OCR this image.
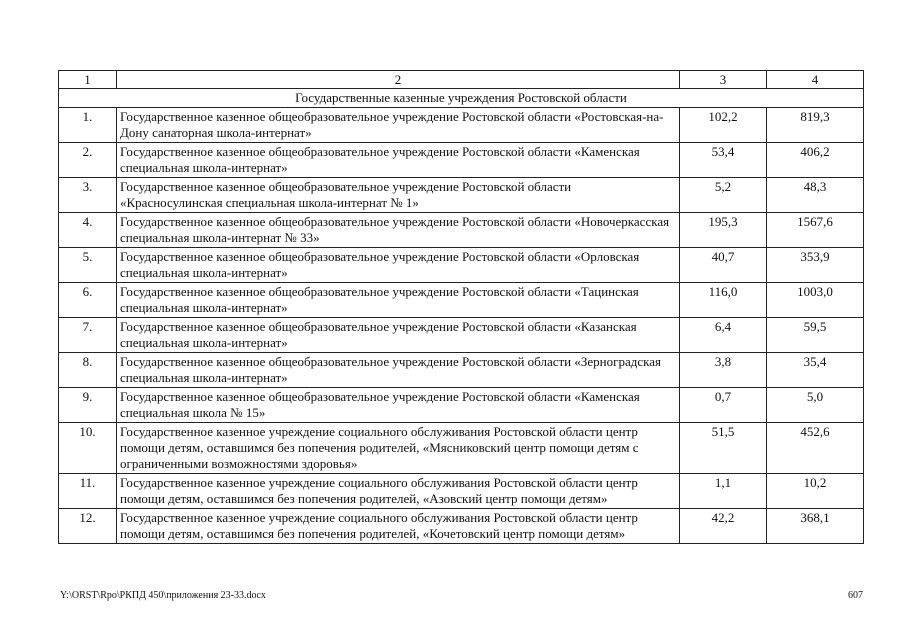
1	2	3	4
Государственные казенные учреждения Ростовской области			
1.	Государственное казенное общеобразовательное учреждение Ростовской области «Ростовская-на-Дону санаторная школа-интернат»	102,2	819,3
2.	Государственное казенное общеобразовательное учреждение Ростовской области «Каменская специальная школа-интернат»	53,4	406,2
3.	Государственное казенное общеобразовательное учреждение Ростовской области «Красносулинская специальная школа-интернат № 1»	5,2	48,3
4.	Государственное казенное общеобразовательное учреждение Ростовской области «Новочеркасская специальная школа-интернат № 33»	195,3	1567,6
5.	Государственное казенное общеобразовательное учреждение Ростовской области «Орловская специальная школа-интернат»	40,7	353,9
6.	Государственное казенное общеобразовательное учреждение Ростовской области «Тацинская специальная школа-интернат»	116,0	1003,0
7.	Государственное казенное общеобразовательное учреждение Ростовской области «Казанская специальная школа-интернат»	6,4	59,5
8.	Государственное казенное общеобразовательное учреждение Ростовской области «Зерноградская специальная школа-интернат»	3,8	35,4
9.	Государственное казенное общеобразовательное учреждение Ростовской области «Каменская специальная школа № 15»	0,7	5,0
10.	Государственное казенное учреждение социального обслуживания Ростовской области центр помощи детям, оставшимся без попечения родителей, «Мясниковский центр помощи детям с ограниченными возможностями здоровья»	51,5	452,6
11.	Государственное казенное учреждение социального обслуживания Ростовской области центр помощи детям, оставшимся без попечения родителей, «Азовский центр помощи детям»	1,1	10,2
12.	Государственное казенное учреждение социального обслуживания Ростовской области центр помощи детям, оставшимся без попечения родителей, «Кочетовский центр помощи детям»	42,2	368,1
Y:\ORST\Rpo\РКПД 450\приложения 23-33.docx	607
